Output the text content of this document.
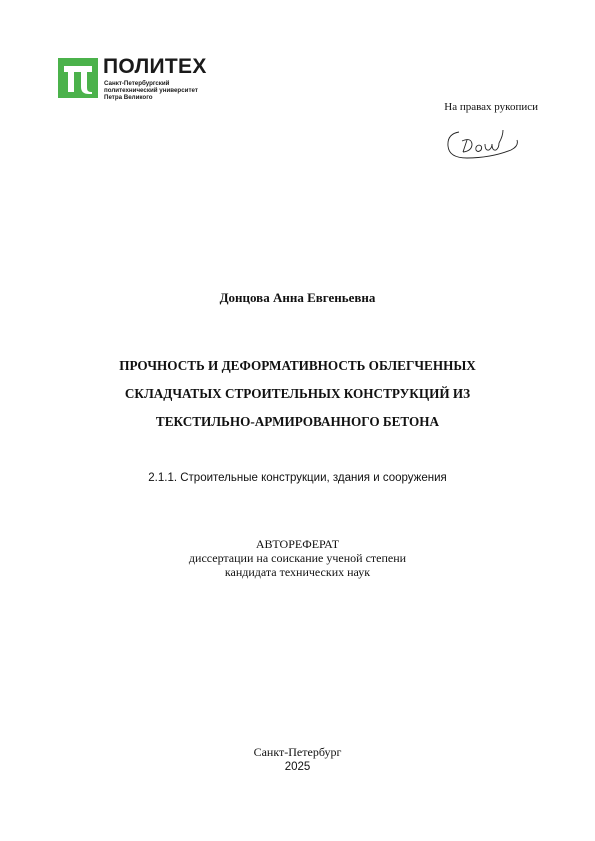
ПОЛИТЕХ
Санкт-Петербургский
политехнический университет
Петра Великого
На правах рукописи
Донцова Анна Евгеньевна
ПРОЧНОСТЬ И ДЕФОРМАТИВНОСТЬ ОБЛЕГЧЕННЫХ
СКЛАДЧАТЫХ СТРОИТЕЛЬНЫХ КОНСТРУКЦИЙ ИЗ
ТЕКСТИЛЬНО-АРМИРОВАННОГО БЕТОНА
2.1.1. Строительные конструкции, здания и сооружения
АВТОРЕФЕРАТ
диссертации на соискание ученой степени
кандидата технических наук
Санкт-Петербург
2025
